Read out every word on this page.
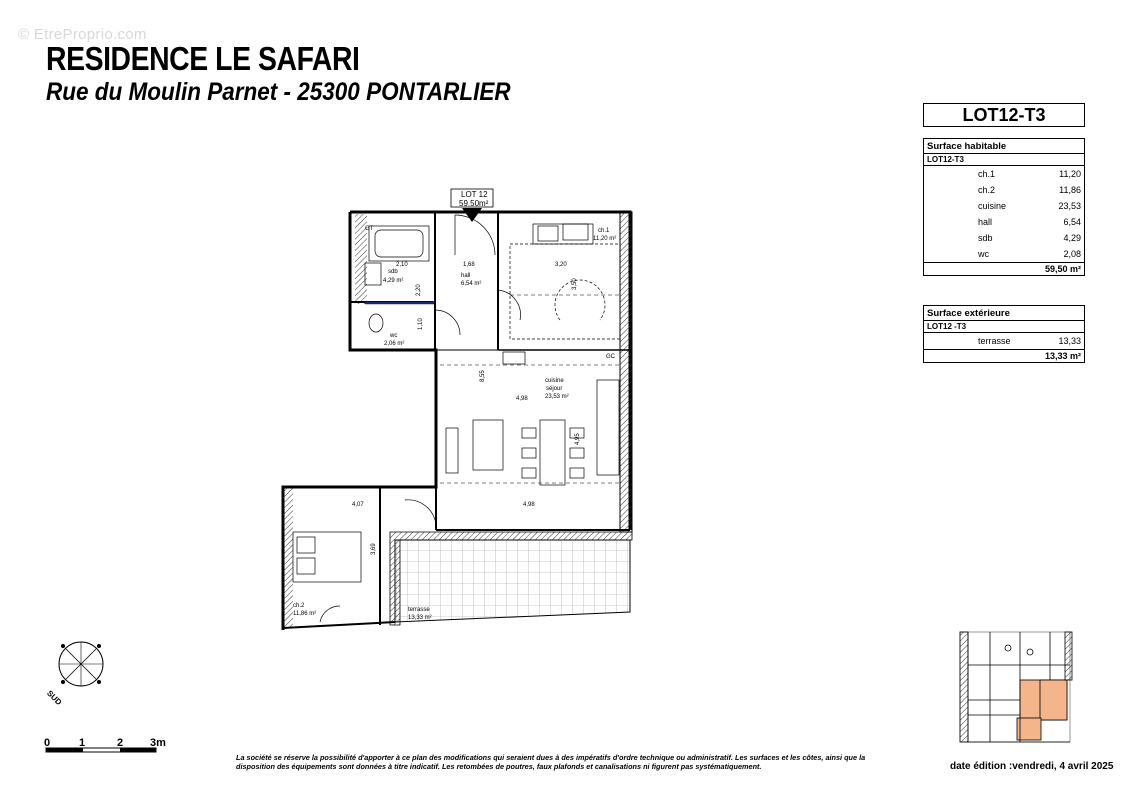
© EtreProprio.com
RESIDENCE LE SAFARI
Rue du Moulin Parnet - 25300 PONTARLIER
LOT12-T3
Surface habitable	
LOT12-T3	
ch.1	11,20
ch.2	11,86
cuisine	23,53
hall	6,54
sdb	4,29
wc	2,08
59,50 m²	
Surface extérieure
LOT12 -T3
terrasse	13,33
13,33 m²
LOT 12
59.50m²
ch.1
11,20 m²
sdb
4,29 m²
hall
6,54 m²
wc
2,06 m²
cuisine
séjour
23,53 m²
ch.2
11,86 m²
terrasse
13,33 m²
GT
GC
2,10	1,68	3,20
2,20
3,50
1,10
8,55
4,98
4,95
4,07	4,98
3,69
SUD
0	1	2 3m
La société se réserve la possibilité d'apporter à ce plan des modifications qui seraient dues à des impératifs d'ordre technique ou administratif. Les surfaces et les côtes, ainsi que la disposition des équipements sont données à titre indicatif. Les retombées de poutres, faux plafonds et canalisations ni figurent pas systématiquement.	date édition :vendredi, 4 avril 2025
